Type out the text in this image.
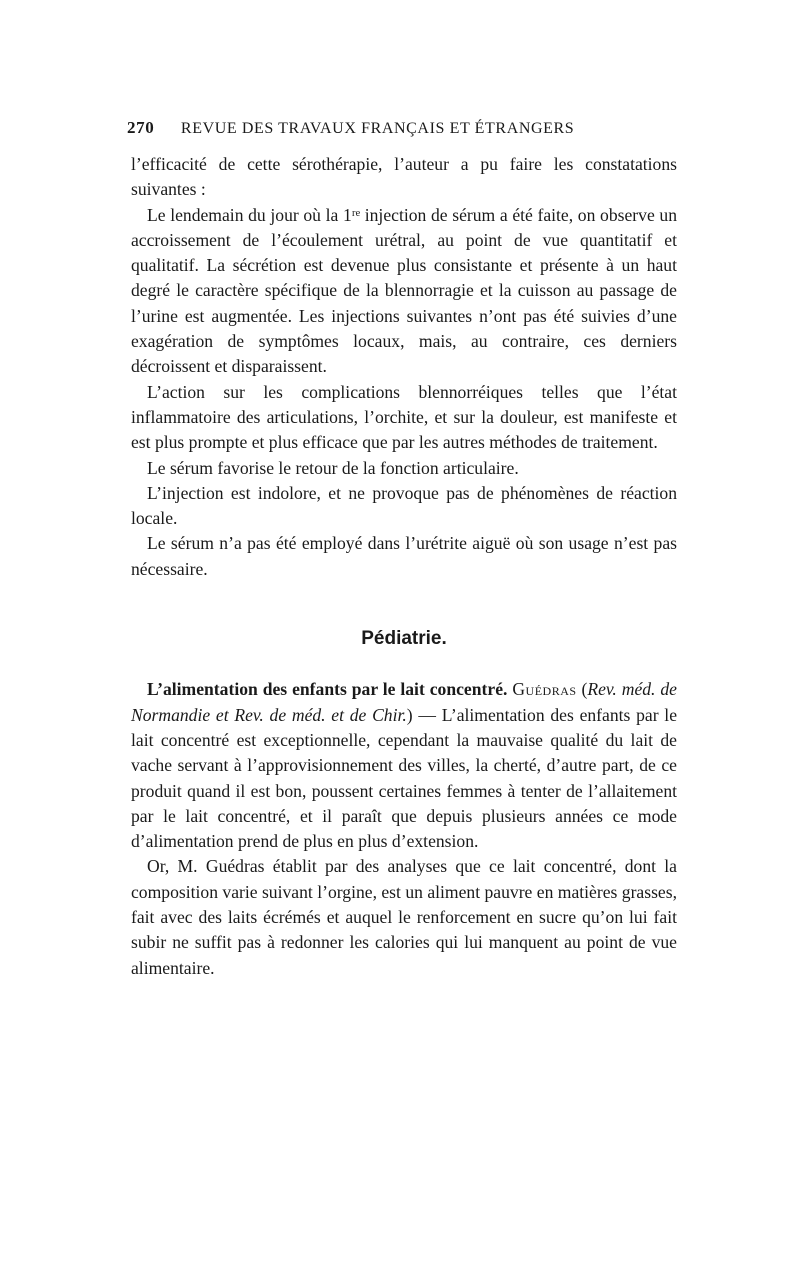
270 REVUE DES TRAVAUX FRANÇAIS ET ÉTRANGERS

l’efficacité de cette sérothérapie, l’auteur a pu faire les constatations suivantes :

Le lendemain du jour où la 1ʳᵉ injection de sérum a été faite, on observe un accroissement de l’écoulement urétral, au point de vue quantitatif et qualitatif. La sécrétion est devenue plus consistante et présente à un haut degré le caractère spécifique de la blennorragie et la cuisson au passage de l’urine est augmentée. Les injections suivantes n’ont pas été suivies d’une exagération de symptômes locaux, mais, au contraire, ces derniers décroissent et disparaissent.

L’action sur les complications blennorréiques telles que l’état inflammatoire des articulations, l’orchite, et sur la douleur, est manifeste et est plus prompte et plus efficace que par les autres méthodes de traitement.

Le sérum favorise le retour de la fonction articulaire.

L’injection est indolore, et ne provoque pas de phénomènes de réaction locale.

Le sérum n’a pas été employé dans l’urétrite aiguë où son usage n’est pas nécessaire.

Pédiatrie.

L’alimentation des enfants par le lait concentré. Guédras (Rev. méd. de Normandie et Rev. de méd. et de Chir.) — L’alimentation des enfants par le lait concentré est exceptionnelle, cependant la mauvaise qualité du lait de vache servant à l’approvisionnement des villes, la cherté, d’autre part, de ce produit quand il est bon, poussent certaines femmes à tenter de l’allaitement par le lait concentré, et il paraît que depuis plusieurs années ce mode d’alimentation prend de plus en plus d’extension.

Or, M. Guédras établit par des analyses que ce lait concentré, dont la composition varie suivant l’orgine, est un aliment pauvre en matières grasses, fait avec des laits écrémés et auquel le renforcement en sucre qu’on lui fait subir ne suffit pas à redonner les calories qui lui manquent au point de vue alimentaire.
